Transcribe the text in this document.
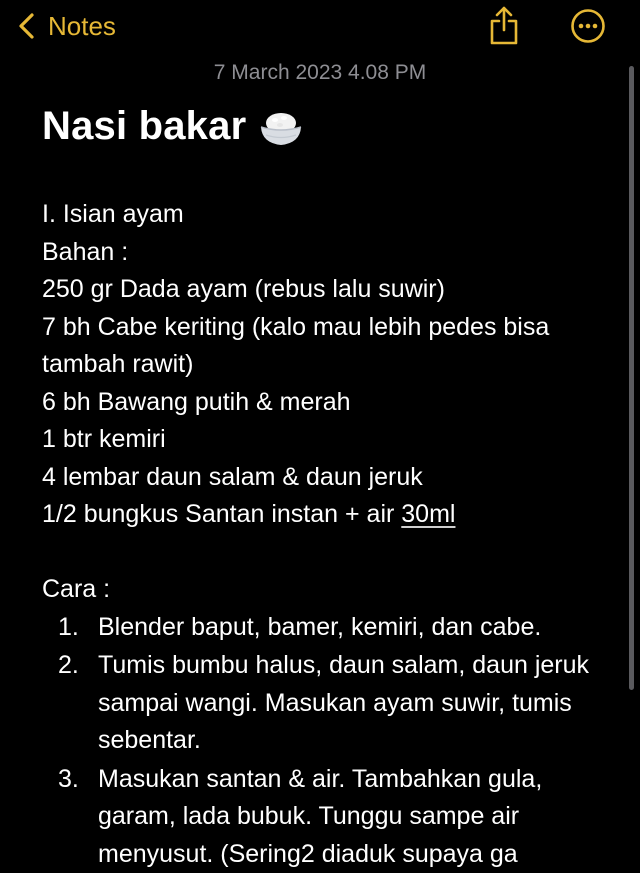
Notes
7 March 2023 4.08 PM
Nasi bakar
I. Isian ayam
Bahan :
250 gr Dada ayam (rebus lalu suwir)
7 bh Cabe keriting (kalo mau lebih pedes bisa
tambah rawit)
6 bh Bawang putih & merah
1 btr kemiri
4 lembar daun salam & daun jeruk
1/2 bungkus Santan instan + air 30ml
Cara :
1. Blender baput, bamer, kemiri, dan cabe.
2. Tumis bumbu halus, daun salam, daun jeruk sampai wangi. Masukan ayam suwir, tumis sebentar.
3. Masukan santan & air. Tambahkan gula, garam, lada bubuk. Tunggu sampe air menyusut. (Sering2 diaduk supaya ga
